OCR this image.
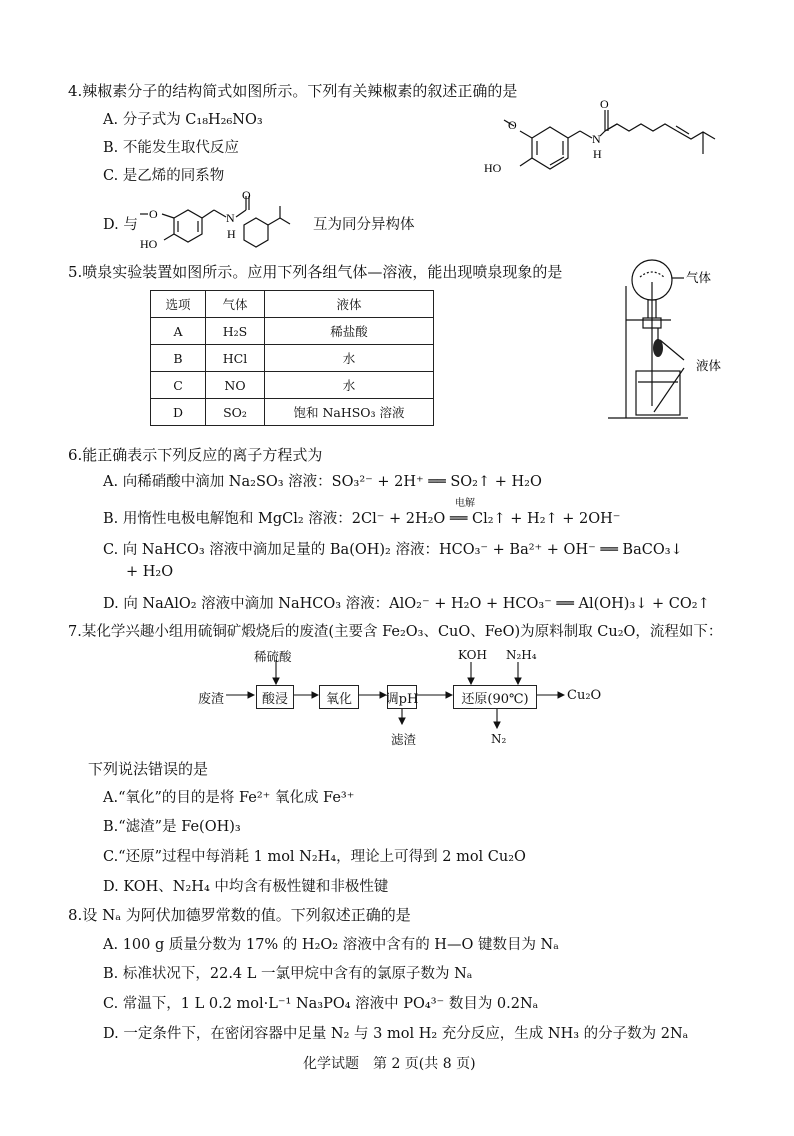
4.辣椒素分子的结构简式如图所示。下列有关辣椒素的叙述正确的是
A. 分子式为 C₁₈H₂₆NO₃
B. 不能发生取代反应
C. 是乙烯的同系物
D. 与	互为同分异构体
O
HO
N
H
O
O
HO
N
H
O
5.喷泉实验装置如图所示。应用下列各组气体—溶液，能出现喷泉现象的是
选项	气体	液体
A	H₂S	稀盐酸
B	HCl	水
C	NO	水
D	SO₂	饱和 NaHSO₃ 溶液
气体
液体
6.能正确表示下列反应的离子方程式为
A. 向稀硝酸中滴加 Na₂SO₃ 溶液：SO₃²⁻ + 2H⁺ ══ SO₂↑ + H₂O
电解
B. 用惰性电极电解饱和 MgCl₂ 溶液：2Cl⁻ + 2H₂O ══ Cl₂↑ + H₂↑ + 2OH⁻
C. 向 NaHCO₃ 溶液中滴加足量的 Ba(OH)₂ 溶液：HCO₃⁻ + Ba²⁺ + OH⁻ ══ BaCO₃↓
+ H₂O
D. 向 NaAlO₂ 溶液中滴加 NaHCO₃ 溶液：AlO₂⁻ + H₂O + HCO₃⁻ ══ Al(OH)₃↓ + CO₂↑
7.某化学兴趣小组用硫铜矿煅烧后的废渣(主要含 Fe₂O₃、CuO、FeO)为原料制取 Cu₂O，流程如下：
废渣	酸浸	氧化	调pH	还原(90℃)	Cu₂O
稀硫酸	KOH N₂H₄
滤渣	N₂
下列说法错误的是
A.“氧化”的目的是将 Fe²⁺ 氧化成 Fe³⁺
B.“滤渣”是 Fe(OH)₃
C.“还原”过程中每消耗 1 mol N₂H₄，理论上可得到 2 mol Cu₂O
D. KOH、N₂H₄ 中均含有极性键和非极性键
8.设 Nₐ 为阿伏加德罗常数的值。下列叙述正确的是
A. 100 g 质量分数为 17% 的 H₂O₂ 溶液中含有的 H—O 键数目为 Nₐ
B. 标准状况下，22.4 L 一氯甲烷中含有的氯原子数为 Nₐ
C. 常温下，1 L 0.2 mol·L⁻¹ Na₃PO₄ 溶液中 PO₄³⁻ 数目为 0.2Nₐ
D. 一定条件下，在密闭容器中足量 N₂ 与 3 mol H₂ 充分反应，生成 NH₃ 的分子数为 2Nₐ
化学试题　第 2 页(共 8 页)
